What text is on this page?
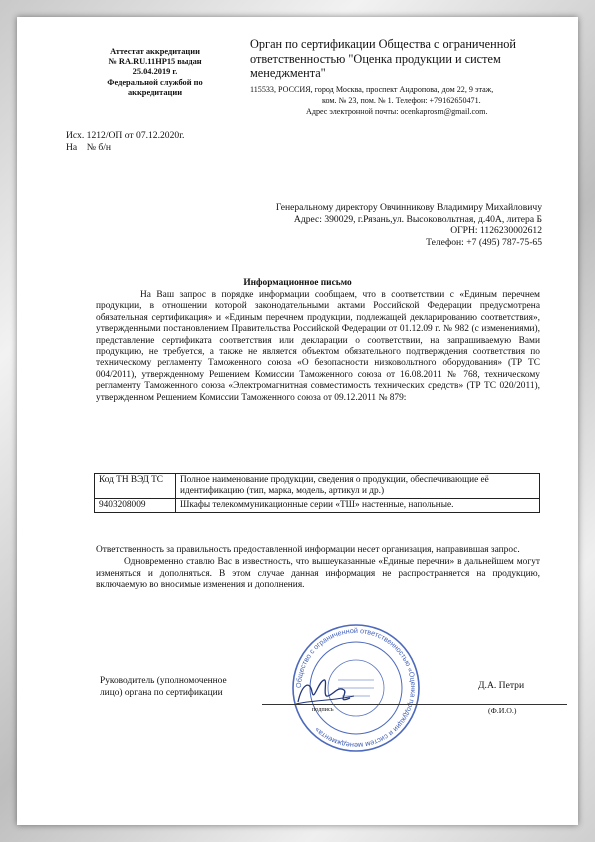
Аттестат аккредитации
№ RA.RU.11НР15 выдан
25.04.2019 г.
Федеральной службой по
аккредитации
Орган по сертификации Общества с ограниченной
ответственностью "Оценка продукции и систем
менеджмента"
115533, РОССИЯ, город Москва, проспект Андропова, дом 22, 9 этаж,
ком. № 23, пом. № 1. Телефон: +79162650471.
Адрес электронной почты: ocenkaprosm@gmail.com.
Исх. 1212/ОП от 07.12.2020г.
На    № б/н
Генеральному директору Овчинникову Владимиру Михайловичу
Адрес: 390029, г.Рязань,ул. Высоковольтная, д.40А, литера Б
ОГРН: 1126230002612
Телефон: +7 (495) 787-75-65
Информационное письмо
На Ваш запрос в порядке информации сообщаем, что в соответствии с «Единым перечнем продукции, в отношении которой законодательными актами Российской Федерации предусмотрена обязательная сертификация» и «Единым перечнем продукции, подлежащей декларированию соответствия», утвержденными постановлением Правительства Российской Федерации от 01.12.09 г. № 982 (с изменениями), представление сертификата соответствия или декларации о соответствии, на запрашиваемую Вами продукцию, не требуется, а также не является объектом обязательного подтверждения соответствия по техническому регламенту Таможенного союза «О безопасности низковольтного оборудования» (ТР ТС 004/2011), утвержденному Решением Комиссии Таможенного союза от 16.08.2011 № 768, техническому регламенту Таможенного союза «Электромагнитная совместимость технических средств» (ТР ТС 020/2011), утвержденном Решением Комиссии Таможенного союза от 09.12.2011 № 879:
Код ТН ВЭД ТС	Полное наименование продукции, сведения о продукции, обеспечивающие её идентификацию (тип, марка, модель, артикул и др.)
9403208009	Шкафы телекоммуникационные серии «ТШ» настенные, напольные.

Ответственность за правильность предоставленной информации несет организация, направившая запрос.

Одновременно ставлю Вас в известность, что вышеуказанные «Единые перечни» в дальнейшем могут изменяться и дополняться. В этом случае данная информация не распространяется на продукцию, включаемую во вносимые изменения и дополнения.

Общество с ограниченной ответственностью «Оценка продукции и систем менеджмента»
Руководитель (уполномоченное
лицо) органа по сертификации
Д.А. Петри
подпись	(Ф.И.О.)
